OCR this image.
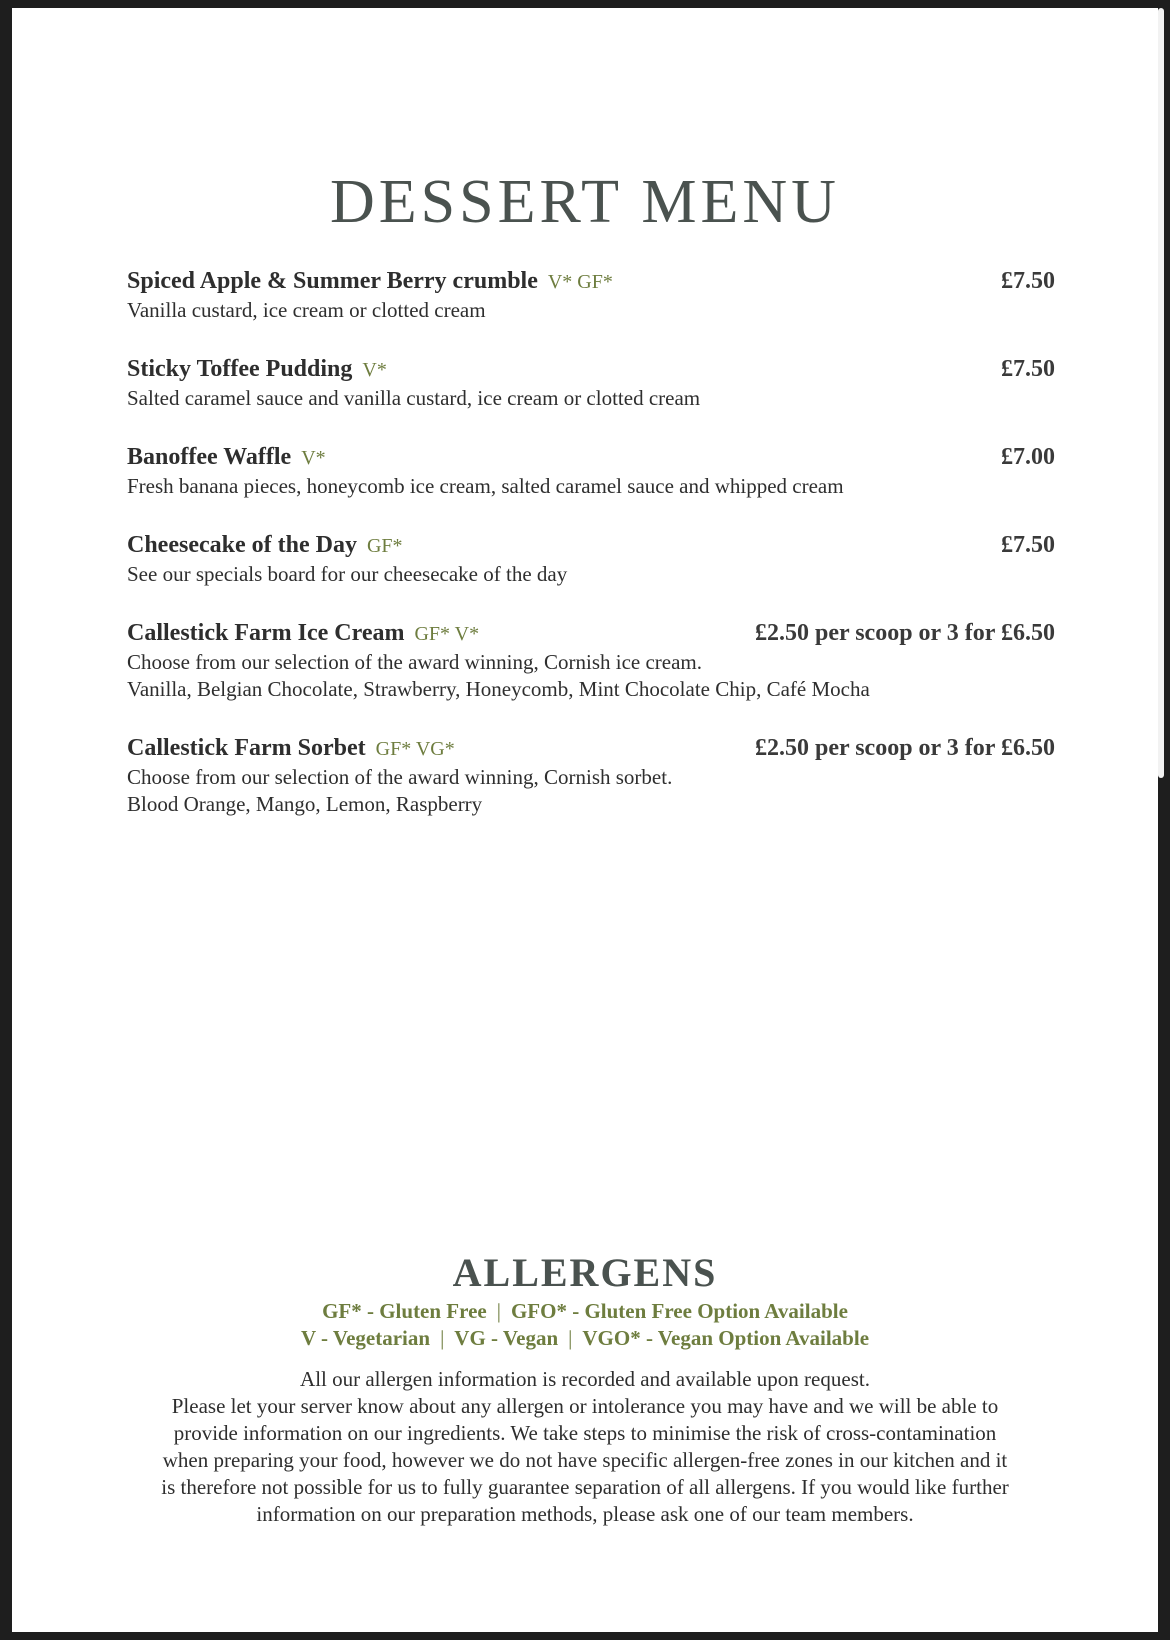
DESSERT MENU
Spiced Apple & Summer Berry crumble V* GF*	£7.50
Vanilla custard, ice cream or clotted cream
Sticky Toffee Pudding V*	£7.50
Salted caramel sauce and vanilla custard, ice cream or clotted cream
Banoffee Waffle V*	£7.00
Fresh banana pieces, honeycomb ice cream, salted caramel sauce and whipped cream
Cheesecake of the Day GF*	£7.50
See our specials board for our cheesecake of the day
Callestick Farm Ice Cream GF* V*	£2.50 per scoop or 3 for £6.50
Choose from our selection of the award winning, Cornish ice cream.
Vanilla, Belgian Chocolate, Strawberry, Honeycomb, Mint Chocolate Chip, Café Mocha
Callestick Farm Sorbet GF* VG*	£2.50 per scoop or 3 for £6.50
Choose from our selection of the award winning, Cornish sorbet.
Blood Orange, Mango, Lemon, Raspberry
ALLERGENS
GF* - Gluten Free | GFO* - Gluten Free Option Available
V - Vegetarian | VG - Vegan | VGO* - Vegan Option Available
All our allergen information is recorded and available upon request.
Please let your server know about any allergen or intolerance you may have and we will be able to
provide information on our ingredients. We take steps to minimise the risk of cross-contamination
when preparing your food, however we do not have specific allergen-free zones in our kitchen and it
is therefore not possible for us to fully guarantee separation of all allergens. If you would like further
information on our preparation methods, please ask one of our team members.
